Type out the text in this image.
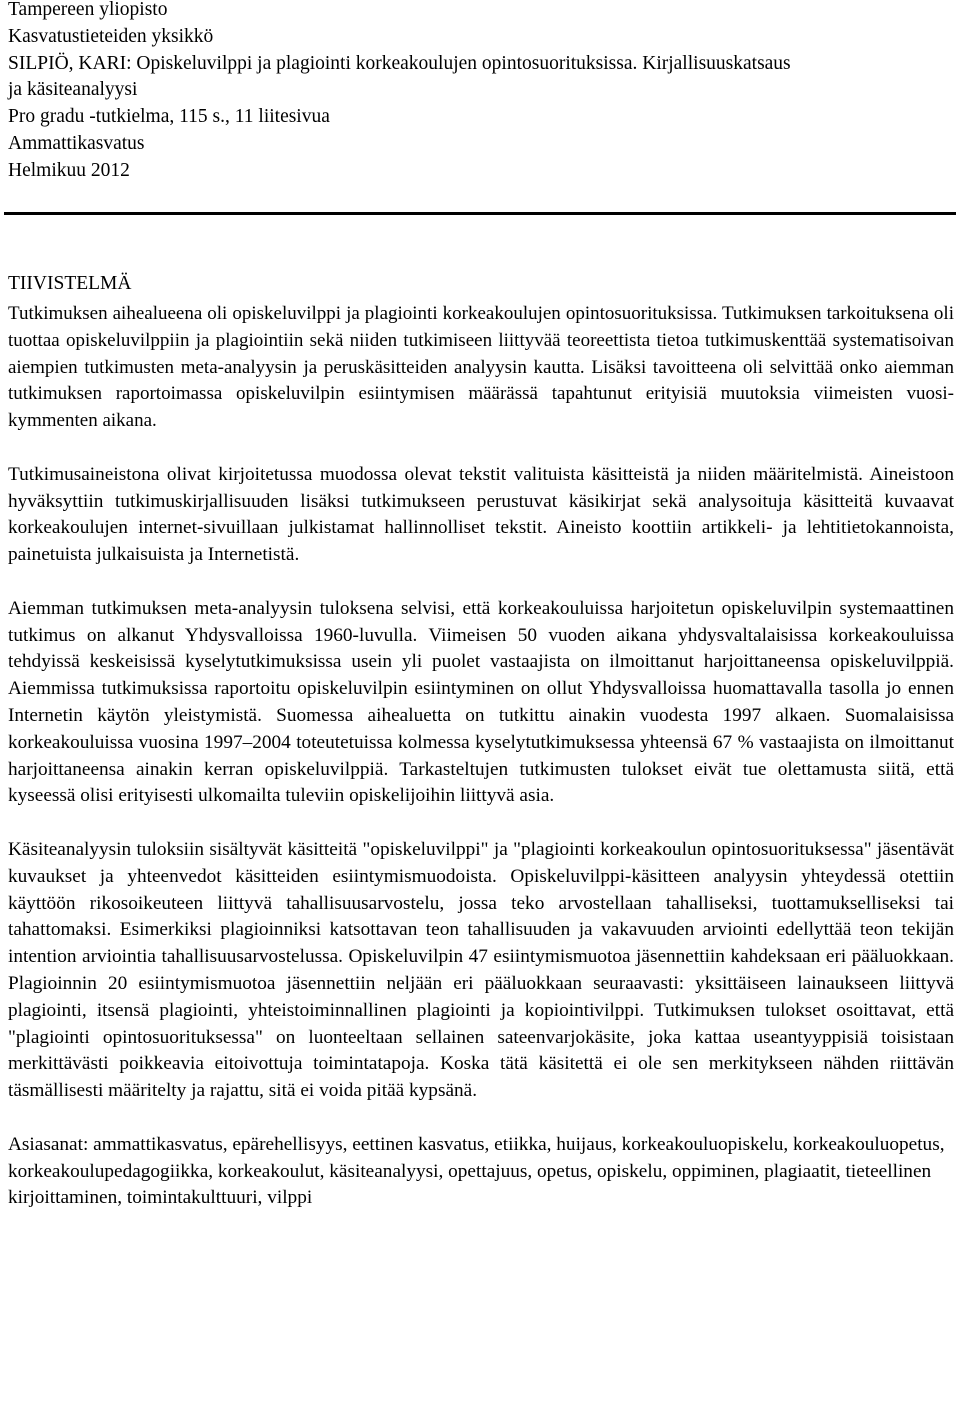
Tampereen yliopisto
Kasvatustieteiden yksikkö
SILPIÖ, KARI: Opiskeluvilppi ja plagiointi korkeakoulujen opintosuorituksissa. Kirjallisuuskatsaus
ja käsiteanalyysi
Pro gradu -tutkielma, 115 s., 11 liitesivua
Ammattikasvatus
Helmikuu 2012
TIIVISTELMÄ

Tutkimuksen aihealueena oli opiskeluvilppi ja plagiointi korkeakoulujen opintosuorituksissa. Tutkimuksen tarkoituksena oli tuottaa opiskeluvilppiin ja plagiointiin sekä niiden tutkimiseen liittyvää teoreettista tietoa tutkimuskenttää systematisoivan aiempien tutkimusten meta-analyysin ja peruskäsitteiden analyysin kautta. Lisäksi tavoitteena oli selvittää onko aiemman tutkimuksen raportoimassa opiskeluvilpin esiintymisen määrässä tapahtunut erityisiä muutoksia viimeisten vuosikymmenten aikana.

Tutkimusaineistona olivat kirjoitetussa muodossa olevat tekstit valituista käsitteistä ja niiden määritelmistä. Aineistoon hyväksyttiin tutkimuskirjallisuuden lisäksi tutkimukseen perustuvat käsikirjat sekä analysoituja käsitteitä kuvaavat korkeakoulujen internet-sivuillaan julkistamat hallinnolliset tekstit. Aineisto koottiin artikkeli- ja lehtitietokannoista, painetuista julkaisuista ja Internetistä.

Aiemman tutkimuksen meta-analyysin tuloksena selvisi, että korkeakouluissa harjoitetun opiskeluvilpin systemaattinen tutkimus on alkanut Yhdysvalloissa 1960-luvulla. Viimeisen 50 vuoden aikana yhdysvaltalaisissa korkeakouluissa tehdyissä keskeisissä kyselytutkimuksissa usein yli puolet vastaajista on ilmoittanut harjoittaneensa opiskeluvilppiä. Aiemmissa tutkimuksissa raportoitu opiskeluvilpin esiintyminen on ollut Yhdysvalloissa huomattavalla tasolla jo ennen Internetin käytön yleistymistä. Suomessa aihealuetta on tutkittu ainakin vuodesta 1997 alkaen. Suomalaisissa korkeakouluissa vuosina 1997–2004 toteutetuissa kolmessa kyselytutkimuksessa yhteensä 67 % vastaajista on ilmoittanut harjoittaneensa ainakin kerran opiskeluvilppiä. Tarkasteltujen tutkimusten tulokset eivät tue olettamusta siitä, että kyseessä olisi erityisesti ulkomailta tuleviin opiskelijoihin liittyvä asia.

Käsiteanalyysin tuloksiin sisältyvät käsitteitä "opiskeluvilppi" ja "plagiointi korkeakoulun opintosuorituksessa" jäsentävät kuvaukset ja yhteenvedot käsitteiden esiintymismuodoista. Opiskeluvilppi-käsitteen analyysin yhteydessä otettiin käyttöön rikosoikeuteen liittyvä tahallisuusarvostelu, jossa teko arvostellaan tahalliseksi, tuottamukselliseksi tai tahattomaksi. Esimerkiksi plagioinniksi katsottavan teon tahallisuuden ja vakavuuden arviointi edellyttää teon tekijän intention arviointia tahallisuusarvostelussa. Opiskeluvilpin 47 esiintymismuotoa jäsennettiin kahdeksaan eri pääluokkaan. Plagioinnin 20 esiintymismuotoa jäsennettiin neljään eri pääluokkaan seuraavasti: yksittäiseen lainaukseen liittyvä plagiointi, itsensä plagiointi, yhteistoiminnallinen plagiointi ja kopiointivilppi. Tutkimuksen tulokset osoittavat, että "plagiointi opintosuorituksessa" on luonteeltaan sellainen sateenvarjokäsite, joka kattaa useantyyppisiä toisistaan merkittävästi poikkeavia eitoivottuja toimintatapoja. Koska tätä käsitettä ei ole sen merkitykseen nähden riittävän täsmällisesti määritelty ja rajattu, sitä ei voida pitää kypsänä.

Asiasanat: ammattikasvatus, epärehellisyys, eettinen kasvatus, etiikka, huijaus, korkeakouluopiskelu, korkeakouluopetus, korkeakoulupedagogiikka, korkeakoulut, käsiteanalyysi, opettajuus, opetus, opiskelu, oppiminen, plagiaatit, tieteellinen kirjoittaminen, toimintakulttuuri, vilppi
